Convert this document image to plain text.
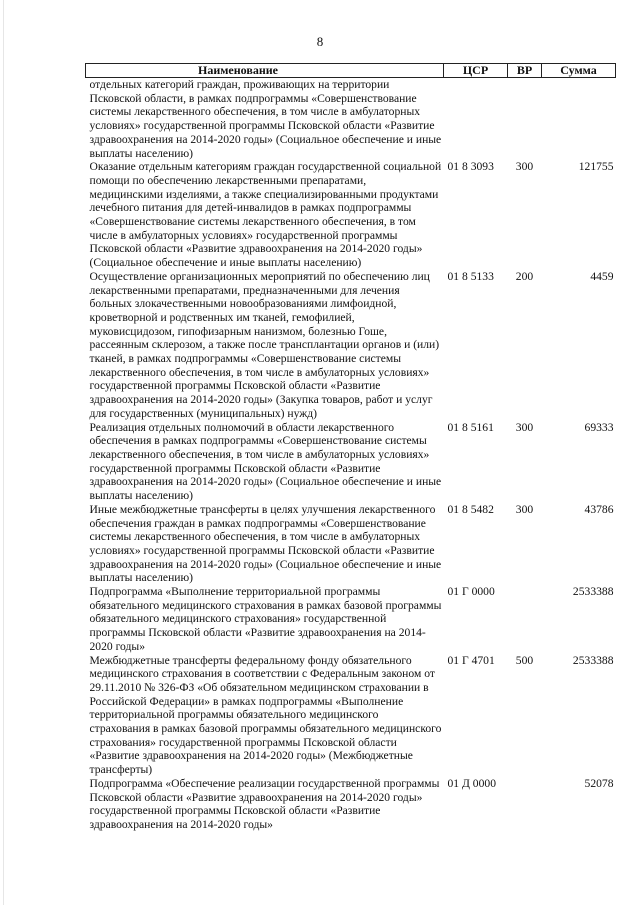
8
Наименование	ЦСР	ВР	Сумма
отдельных категорий граждан, проживающих на территории Псковской области, в рамках подпрограммы «Совершенствование системы лекарственного обеспечения, в том числе в амбулаторных условиях» государственной программы Псковской области «Развитие здравоохранения на 2014-2020 годы» (Социальное обеспечение и иные выплаты населению)			
Оказание отдельным категориям граждан государственной социальной помощи по обеспечению лекарственными препаратами, медицинскими изделиями, а также специализированными продуктами лечебного питания для детей-инвалидов в рамках подпрограммы «Совершенствование системы лекарственного обеспечения, в том числе в амбулаторных условиях» государственной программы Псковской области «Развитие здравоохранения на 2014-2020 годы» (Социальное обеспечение и иные выплаты населению)	01 8 3093	300	121755
Осуществление организационных мероприятий по обеспечению лиц лекарственными препаратами, предназначенными для лечения больных злокачественными новообразованиями лимфоидной, кроветворной и родственных им тканей, гемофилией, муковисцидозом, гипофизарным нанизмом, болезнью Гоше, рассеянным склерозом, а также после трансплантации органов и (или) тканей, в рамках подпрограммы «Совершенствование системы лекарственного обеспечения, в том числе в амбулаторных условиях» государственной программы Псковской области «Развитие здравоохранения на 2014-2020 годы» (Закупка товаров, работ и услуг для государственных (муниципальных) нужд)	01 8 5133	200	4459
Реализация отдельных полномочий в области лекарственного обеспечения в рамках подпрограммы «Совершенствование системы лекарственного обеспечения, в том числе в амбулаторных условиях» государственной программы Псковской области «Развитие здравоохранения на 2014-2020 годы» (Социальное обеспечение и иные выплаты населению)	01 8 5161	300	69333
Иные межбюджетные трансферты в целях улучшения лекарственного обеспечения граждан в рамках подпрограммы «Совершенствование системы лекарственного обеспечения, в том числе в амбулаторных условиях» государственной программы Псковской области «Развитие здравоохранения на 2014-2020 годы» (Социальное обеспечение и иные выплаты населению)	01 8 5482	300	43786
Подпрограмма «Выполнение территориальной программы обязательного медицинского страхования в рамках базовой программы обязательного медицинского страхования» государственной программы Псковской области «Развитие здравоохранения на 2014-2020 годы»	01 Г 0000		2533388
Межбюджетные трансферты федеральному фонду обязательного медицинского страхования в соответствии с Федеральным законом от 29.11.2010 № 326-ФЗ «Об обязательном медицинском страховании в Российской Федерации» в рамках подпрограммы «Выполнение территориальной программы обязательного медицинского страхования в рамках базовой программы обязательного медицинского страхования» государственной программы Псковской области «Развитие здравоохранения на 2014-2020 годы» (Межбюджетные трансферты)	01 Г 4701	500	2533388
Подпрограмма «Обеспечение реализации государственной программы Псковской области «Развитие здравоохранения на 2014-2020 годы» государственной программы Псковской области «Развитие здравоохранения на 2014-2020 годы»	01 Д 0000		52078
